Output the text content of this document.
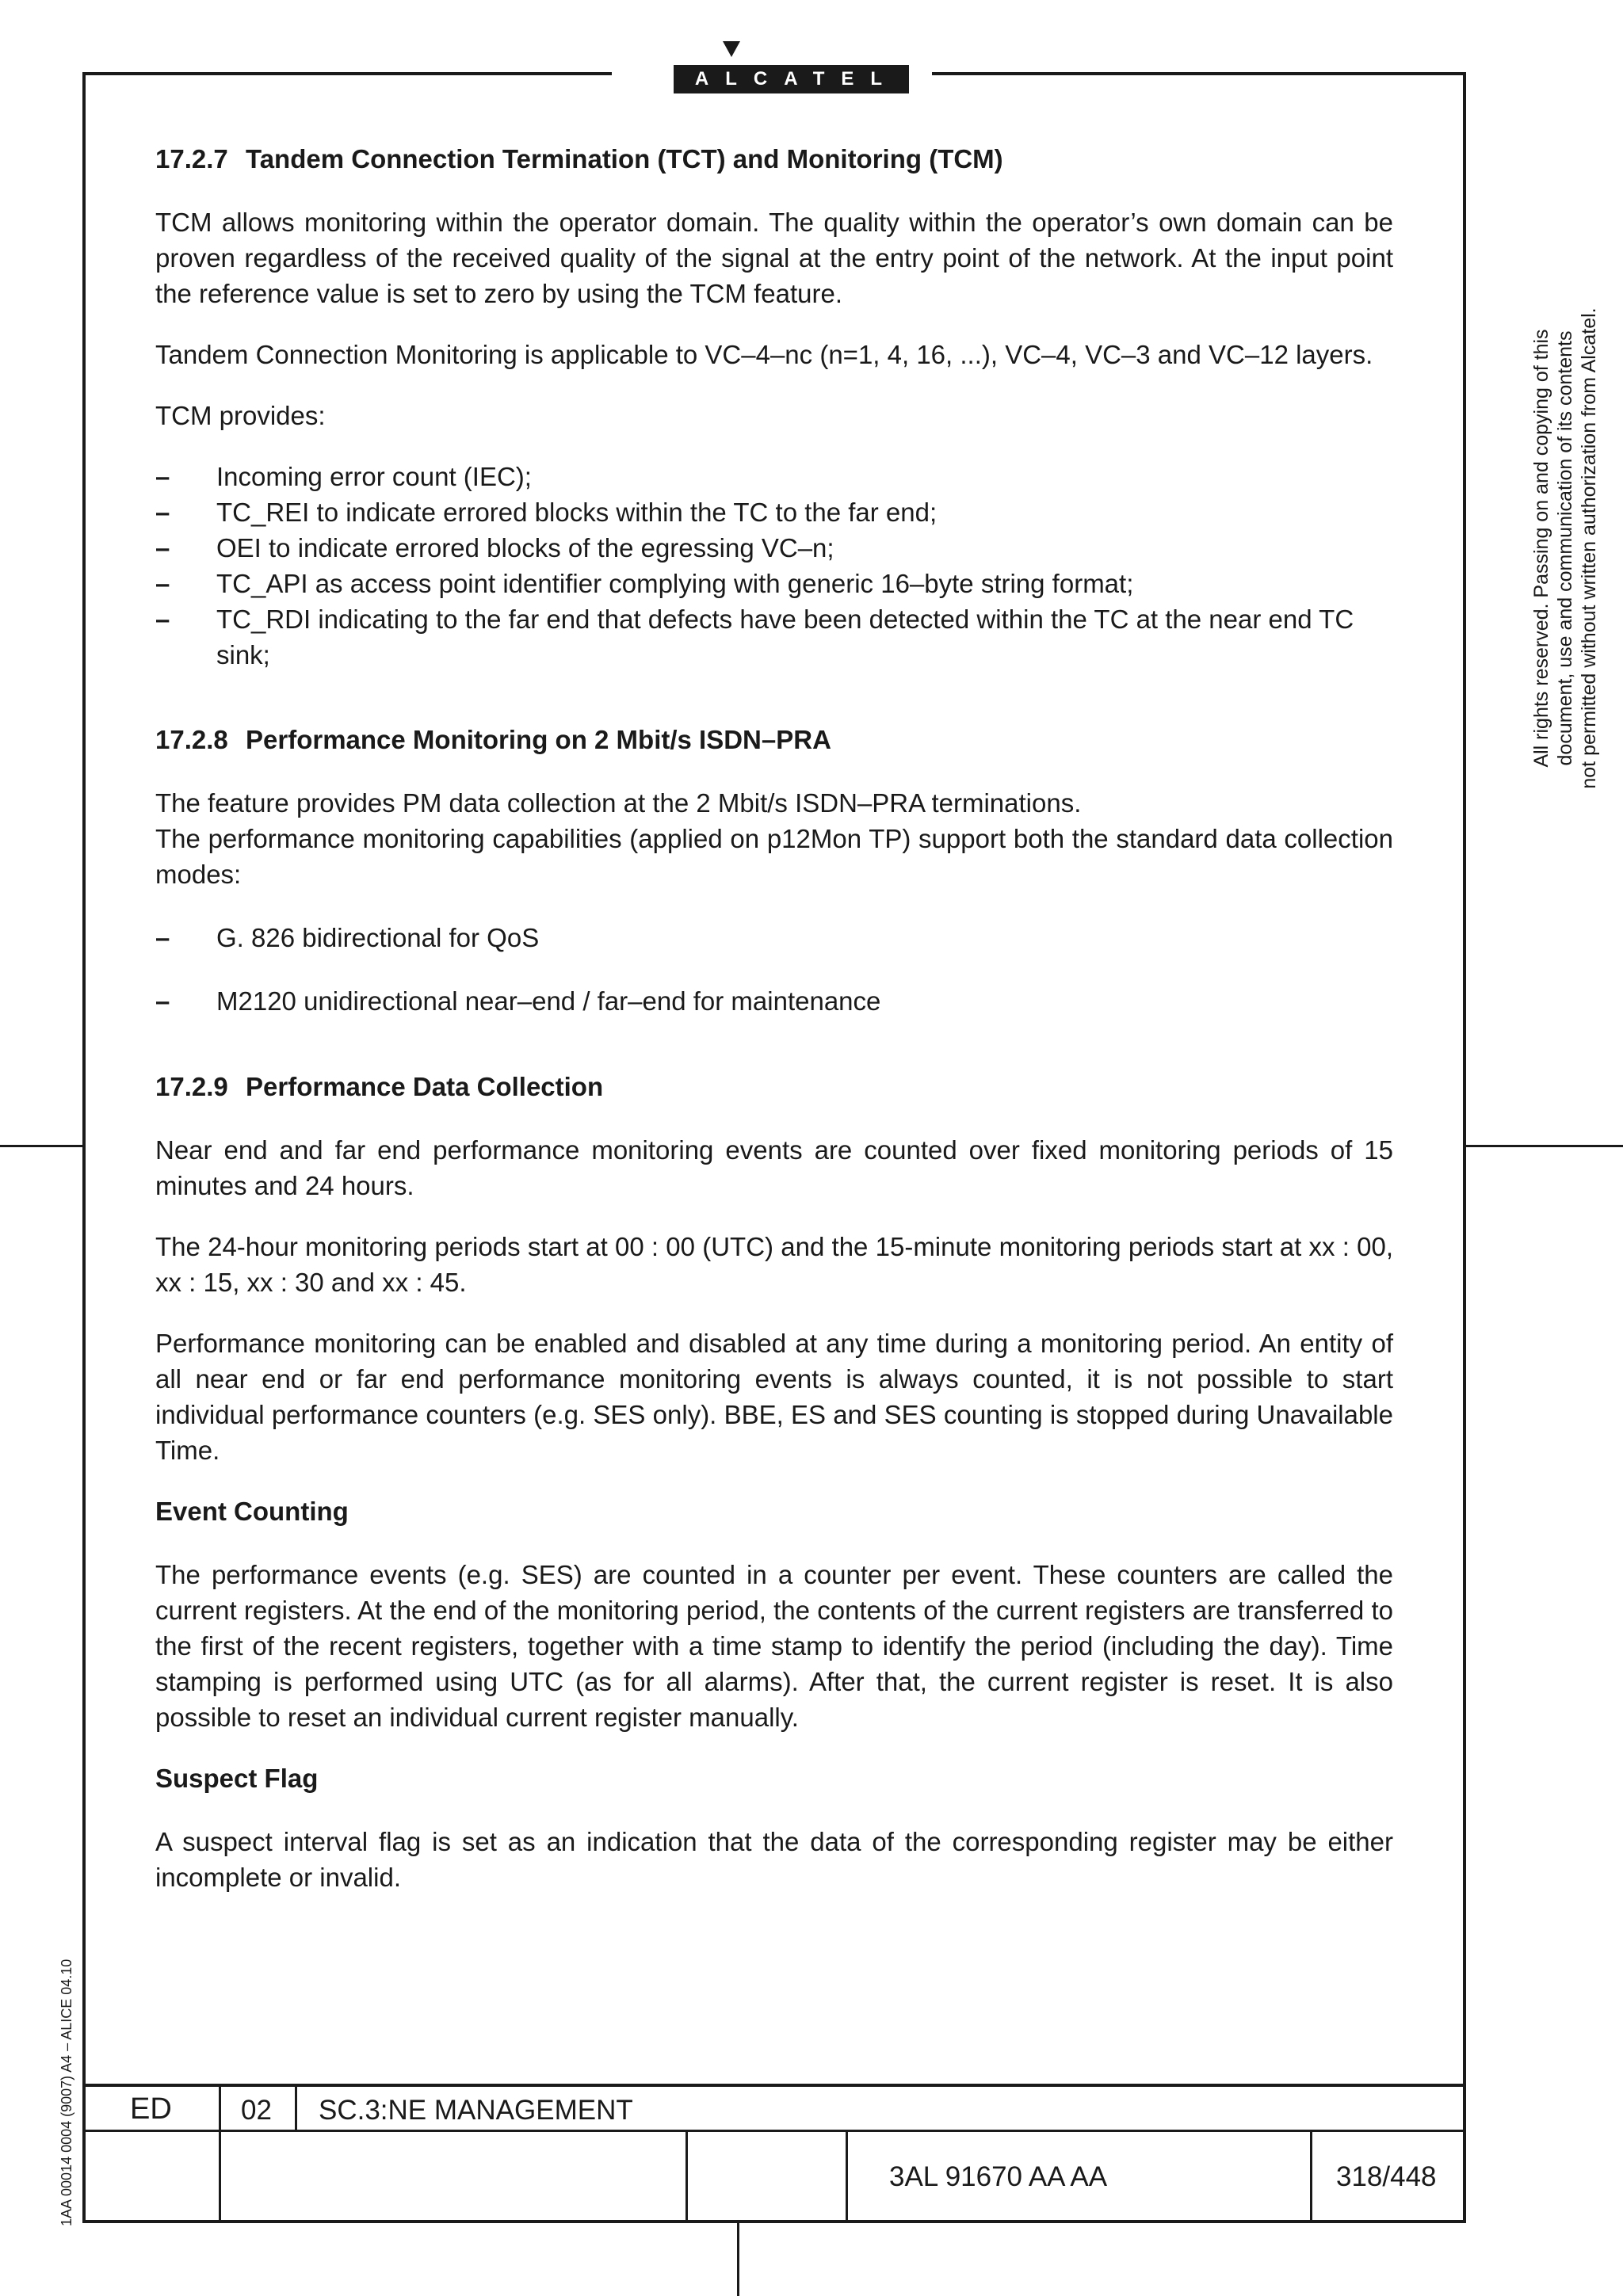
ALCATEL
17.2.7 Tandem Connection Termination (TCT) and Monitoring (TCM)

TCM allows monitoring within the operator domain. The quality within the operator’s own domain can be proven regardless of the received quality of the signal at the entry point of the network. At the input point the reference value is set to zero by using the TCM feature.

Tandem Connection Monitoring is applicable to VC–4–nc (n=1, 4, 16, ...), VC–4, VC–3 and VC–12 layers.

TCM provides:

– Incoming error count (IEC);
– TC_REI to indicate errored blocks within the TC to the far end;
– OEI to indicate errored blocks of the egressing VC–n;
– TC_API as access point identifier complying with generic 16–byte string format;
– TC_RDI indicating to the far end that defects have been detected within the TC at the near end TC sink;
17.2.8 Performance Monitoring on 2 Mbit/s ISDN–PRA

The feature provides PM data collection at the 2 Mbit/s ISDN–PRA terminations.

The performance monitoring capabilities (applied on p12Mon TP) support both the standard data collection modes:

– G. 826 bidirectional for QoS
– M2120 unidirectional near–end / far–end for maintenance
17.2.9 Performance Data Collection

Near end and far end performance monitoring events are counted over fixed monitoring periods of 15 minutes and 24 hours.

The 24-hour monitoring periods start at 00 : 00 (UTC) and the 15-minute monitoring periods start at xx : 00, xx : 15, xx : 30 and xx : 45.

Performance monitoring can be enabled and disabled at any time during a monitoring period. An entity of all near end or far end performance monitoring events is always counted, it is not possible to start individual performance counters (e.g. SES only). BBE, ES and SES counting is stopped during Unavailable Time.

Event Counting

The performance events (e.g. SES) are counted in a counter per event. These counters are called the current registers. At the end of the monitoring period, the contents of the current registers are transferred to the first of the recent registers, together with a time stamp to identify the period (including the day). Time stamping is performed using UTC (as for all alarms). After that, the current register is reset. It is also possible to reset an individual current register manually.

Suspect Flag

A suspect interval flag is set as an indication that the data of the corresponding register may be either incomplete or invalid.

All rights reserved. Passing on and copying of this document, use and communication of its contents not permitted without written authorization from Alcatel.
1AA 00014 0004 (9007) A4 – ALICE 04.10 ED 02 SC.3:NE MANAGEMENT
3AL 91670 AA AA	318/448
